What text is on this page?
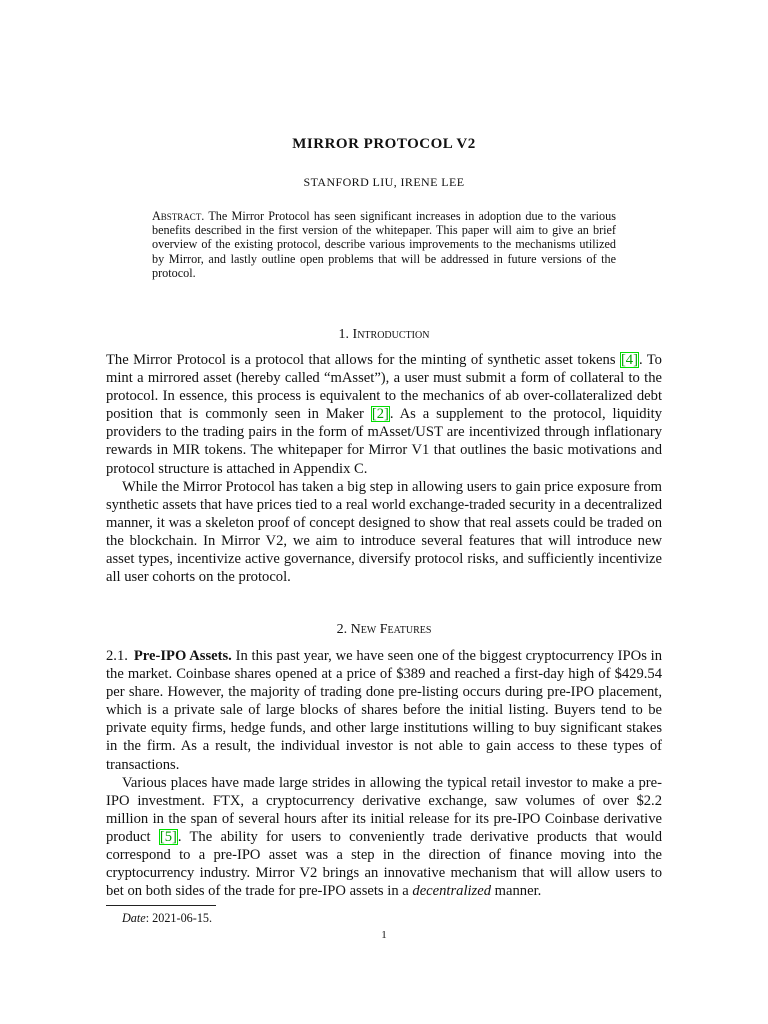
MIRROR PROTOCOL V2
STANFORD LIU, IRENE LEE
Abstract. The Mirror Protocol has seen significant increases in adoption due to the various benefits described in the first version of the whitepaper. This paper will aim to give an brief overview of the existing protocol, describe various improvements to the mechanisms utilized by Mirror, and lastly outline open problems that will be addressed in future versions of the protocol.
1. Introduction

The Mirror Protocol is a protocol that allows for the minting of synthetic asset tokens [4]. To mint a mirrored asset (hereby called “mAsset”), a user must submit a form of collateral to the protocol. In essence, this process is equivalent to the mechanics of ab over-collateralized debt position that is commonly seen in Maker [2]. As a supplement to the protocol, liquidity providers to the trading pairs in the form of mAsset/UST are incentivized through inflationary rewards in MIR tokens. The whitepaper for Mirror V1 that outlines the basic motivations and protocol structure is attached in Appendix C.

While the Mirror Protocol has taken a big step in allowing users to gain price exposure from synthetic assets that have prices tied to a real world exchange-traded security in a decentralized manner, it was a skeleton proof of concept designed to show that real assets could be traded on the blockchain. In Mirror V2, we aim to introduce several features that will introduce new asset types, incentivize active governance, diversify protocol risks, and sufficiently incentivize all user cohorts on the protocol.

2. New Features

2.1. Pre-IPO Assets. In this past year, we have seen one of the biggest cryptocurrency IPOs in the market. Coinbase shares opened at a price of $389 and reached a first-day high of $429.54 per share. However, the majority of trading done pre-listing occurs during pre-IPO placement, which is a private sale of large blocks of shares before the initial listing. Buyers tend to be private equity firms, hedge funds, and other large institutions willing to buy significant stakes in the firm. As a result, the individual investor is not able to gain access to these types of transactions.

Various places have made large strides in allowing the typical retail investor to make a pre-IPO investment. FTX, a cryptocurrency derivative exchange, saw volumes of over $2.2 million in the span of several hours after its initial release for its pre-IPO Coinbase derivative product [5]. The ability for users to conveniently trade derivative products that would correspond to a pre-IPO asset was a step in the direction of finance moving into the cryptocurrency industry. Mirror V2 brings an innovative mechanism that will allow users to bet on both sides of the trade for pre-IPO assets in a decentralized manner.

Date: 2021-06-15.
1
